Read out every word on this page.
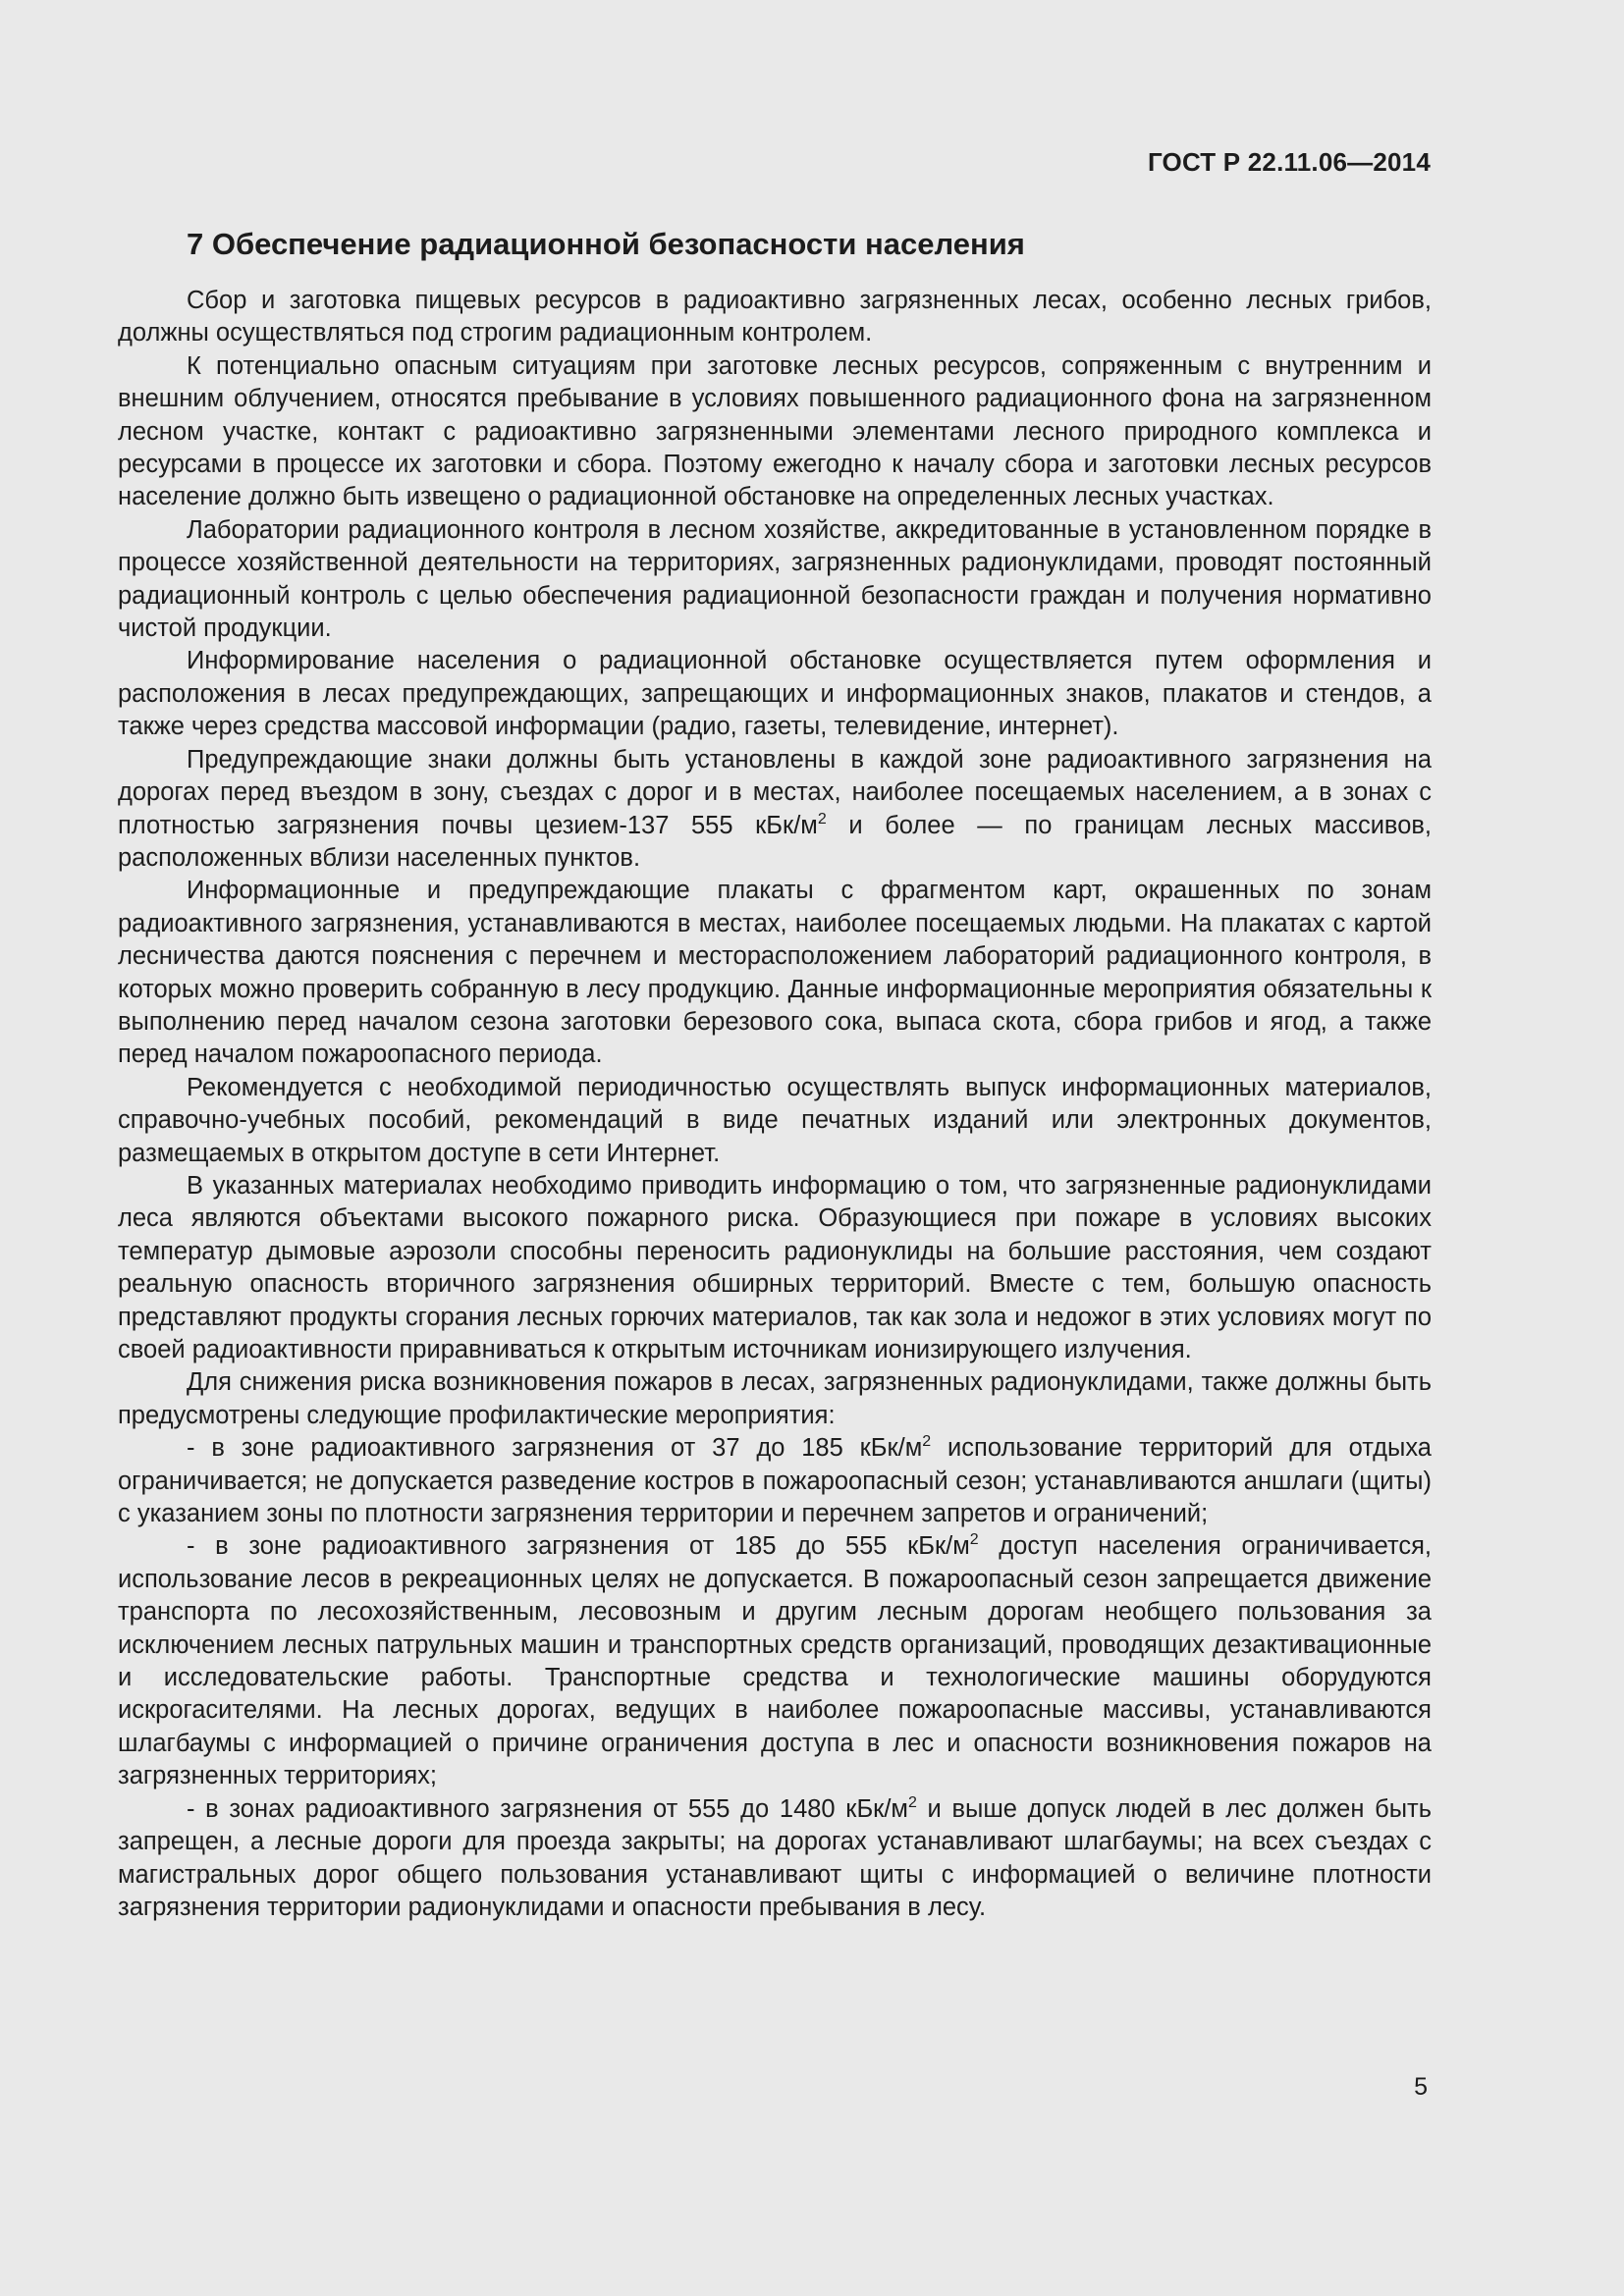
ГОСТ Р 22.11.06—2014
7 Обеспечение радиационной безопасности населения

Сбор и заготовка пищевых ресурсов в радиоактивно загрязненных лесах, особенно лесных грибов, должны осуществляться под строгим радиационным контролем.

К потенциально опасным ситуациям при заготовке лесных ресурсов, сопряженным с внутренним и внешним облучением, относятся пребывание в условиях повышенного радиационного фона на загрязненном лесном участке, контакт с радиоактивно загрязненными элементами лесного природного комплекса и ресурсами в процессе их заготовки и сбора. Поэтому ежегодно к началу сбора и заготовки лесных ресурсов население должно быть извещено о радиационной обстановке на определенных лесных участках.

Лаборатории радиационного контроля в лесном хозяйстве, аккредитованные в установленном порядке в процессе хозяйственной деятельности на территориях, загрязненных радионуклидами, проводят постоянный радиационный контроль с целью обеспечения радиационной безопасности граждан и получения нормативно чистой продукции.

Информирование населения о радиационной обстановке осуществляется путем оформления и расположения в лесах предупреждающих, запрещающих и информационных знаков, плакатов и стендов, а также через средства массовой информации (радио, газеты, телевидение, интернет).

Предупреждающие знаки должны быть установлены в каждой зоне радиоактивного загрязнения на дорогах перед въездом в зону, съездах с дорог и в местах, наиболее посещаемых населением, а в зонах с плотностью загрязнения почвы цезием-137 555 кБк/$м^2$ и более — по границам лесных массивов, расположенных вблизи населенных пунктов.

Информационные и предупреждающие плакаты с фрагментом карт, окрашенных по зонам радиоактивного загрязнения, устанавливаются в местах, наиболее посещаемых людьми. На плакатах с картой лесничества даются пояснения с перечнем и месторасположением лабораторий радиационного контроля, в которых можно проверить собранную в лесу продукцию. Данные информационные мероприятия обязательны к выполнению перед началом сезона заготовки березового сока, выпаса скота, сбора грибов и ягод, а также перед началом пожароопасного периода.

Рекомендуется с необходимой периодичностью осуществлять выпуск информационных материалов, справочно-учебных пособий, рекомендаций в виде печатных изданий или электронных документов, размещаемых в открытом доступе в сети Интернет.

В указанных материалах необходимо приводить информацию о том, что загрязненные радионуклидами леса являются объектами высокого пожарного риска. Образующиеся при пожаре в условиях высоких температур дымовые аэрозоли способны переносить радионуклиды на большие расстояния, чем создают реальную опасность вторичного загрязнения обширных территорий. Вместе с тем, большую опасность представляют продукты сгорания лесных горючих материалов, так как зола и недожог в этих условиях могут по своей радиоактивности приравниваться к открытым источникам ионизирующего излучения.

Для снижения риска возникновения пожаров в лесах, загрязненных радионуклидами, также должны быть предусмотрены следующие профилактические мероприятия:

- в зоне радиоактивного загрязнения от 37 до 185 кБк/$м^2$ использование территорий для отдыха ограничивается; не допускается разведение костров в пожароопасный сезон; устанавливаются аншлаги (щиты) с указанием зоны по плотности загрязнения территории и перечнем запретов и ограничений;

- в зоне радиоактивного загрязнения от 185 до 555 кБк/$м^2$ доступ населения ограничивается, использование лесов в рекреационных целях не допускается. В пожароопасный сезон запрещается движение транспорта по лесохозяйственным, лесовозным и другим лесным дорогам необщего пользования за исключением лесных патрульных машин и транспортных средств организаций, проводящих дезактивационные и исследовательские работы. Транспортные средства и технологические машины оборудуются искрогасителями. На лесных дорогах, ведущих в наиболее пожароопасные массивы, устанавливаются шлагбаумы с информацией о причине ограничения доступа в лес и опасности возникновения пожаров на загрязненных территориях;

- в зонах радиоактивного загрязнения от 555 до 1480 кБк/$м^2$ и выше допуск людей в лес должен быть запрещен, а лесные дороги для проезда закрыты; на дорогах устанавливают шлагбаумы; на всех съездах с магистральных дорог общего пользования устанавливают щиты с информацией о величине плотности загрязнения территории радионуклидами и опасности пребывания в лесу.

5
